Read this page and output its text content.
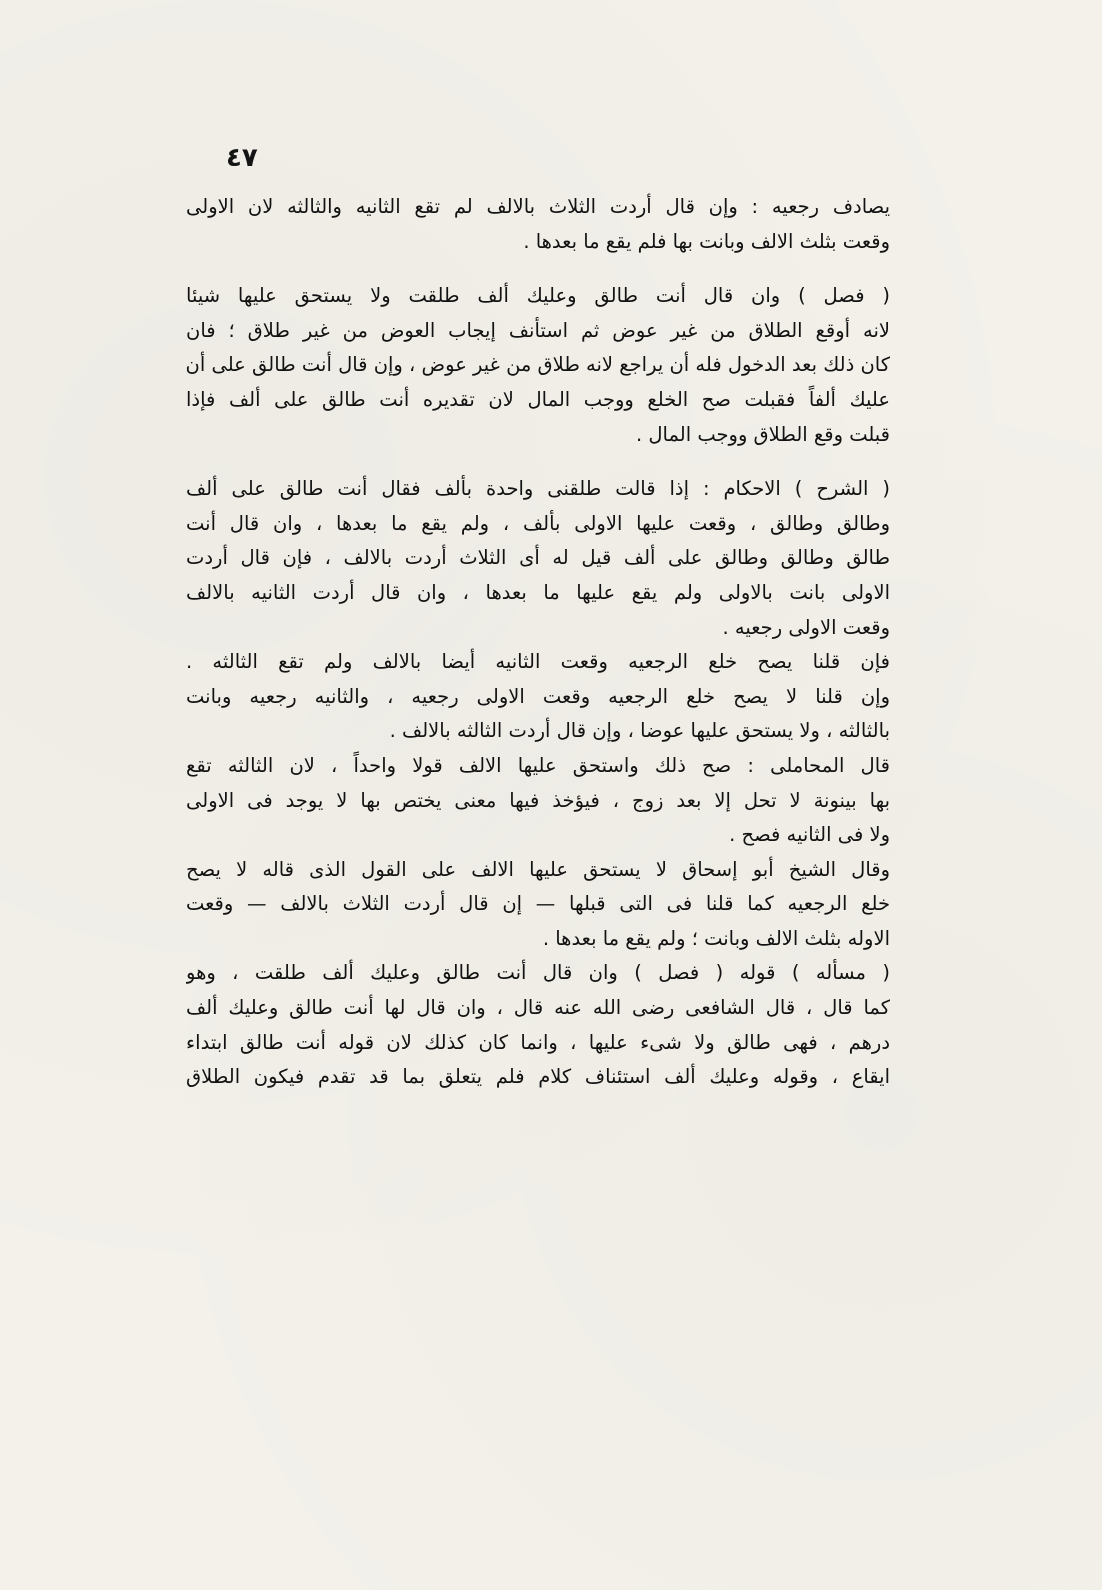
٤٧
يصادف رجعيه : وإن قال أردت الثلاث بالالف لم تقع الثانيه والثالثه لان الاولى
وقعت بثلث الالف وبانت بها فلم يقع ما بعدها .
( فصل ) وان قال أنت طالق وعليك ألف طلقت ولا يستحق عليها شيئا
لانه أوقع الطلاق من غير عوض ثم استأنف إيجاب العوض من غير طلاق ؛ فان
كان ذلك بعد الدخول فله أن يراجع لانه طلاق من غير عوض ، وإن قال أنت طالق على أن
عليك ألفاً فقبلت صح الخلع ووجب المال لان تقديره أنت طالق على ألف فإذا
قبلت وقع الطلاق ووجب المال .
( الشرح ) الاحكام : إذا قالت طلقنى واحدة بألف فقال أنت طالق على ألف
وطالق وطالق ، وقعت عليها الاولى بألف ، ولم يقع ما بعدها ، وان قال أنت
طالق وطالق وطالق على ألف قيل له أى الثلاث أردت بالالف ، فإن قال أردت
الاولى بانت بالاولى ولم يقع عليها ما بعدها ، وان قال أردت الثانيه بالالف
وقعت الاولى رجعيه .
فإن قلنا يصح خلع الرجعيه وقعت الثانيه أيضا بالالف ولم تقع الثالثه .
وإن قلنا لا يصح خلع الرجعيه وقعت الاولى رجعيه ، والثانيه رجعيه وبانت
بالثالثه ، ولا يستحق عليها عوضا ، وإن قال أردت الثالثه بالالف .
قال المحاملى : صح ذلك واستحق عليها الالف قولا واحداً ، لان الثالثه تقع
بها بينونة لا تحل إلا بعد زوج ، فيؤخذ فيها معنى يختص بها لا يوجد فى الاولى
ولا فى الثانيه فصح .
وقال الشيخ أبو إسحاق لا يستحق عليها الالف على القول الذى قاله لا يصح
خلع الرجعيه كما قلنا فى التى قبلها — إن قال أردت الثلاث بالالف — وقعت
الاوله بثلث الالف وبانت ؛ ولم يقع ما بعدها .
( مسأله ) قوله ( فصل ) وان قال أنت طالق وعليك ألف طلقت ، وهو
كما قال ، قال الشافعى رضى الله عنه قال ، وان قال لها أنت طالق وعليك ألف
درهم ، فهى طالق ولا شىء عليها ، وانما كان كذلك لان قوله أنت طالق ابتداء
ايقاع ، وقوله وعليك ألف استئناف كلام فلم يتعلق بما قد تقدم فيكون الطلاق
